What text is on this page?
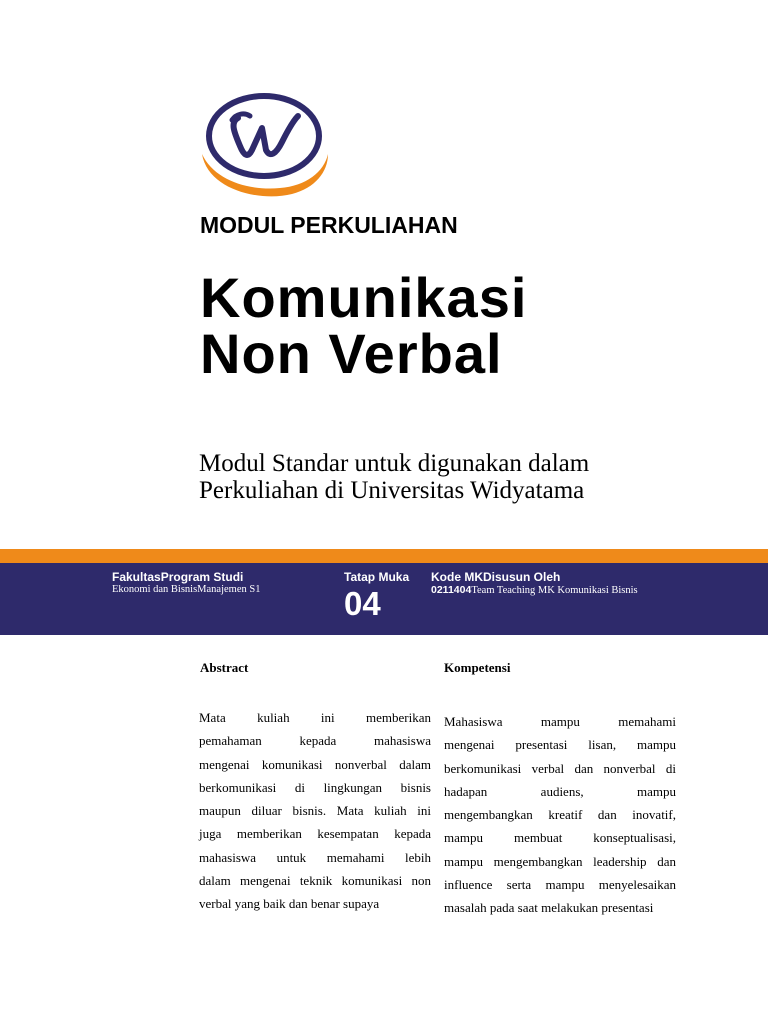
MODUL PERKULIAHAN
Komunikasi
Non Verbal
Modul Standar untuk digunakan dalam Perkuliahan di Universitas Widyatama
FakultasProgram Studi
Ekonomi dan BisnisManajemen S1
Tatap Muka
04
Kode MKDisusun Oleh
0211404Team Teaching MK Komunikasi Bisnis
Abstract
Mata kuliah ini memberikan
pemahaman kepada mahasiswa
mengenai komunikasi nonverbal dalam
berkomunikasi di lingkungan bisnis
maupun diluar bisnis. Mata kuliah ini
juga memberikan kesempatan kepada
mahasiswa untuk memahami lebih
dalam mengenai teknik komunikasi non
verbal yang baik dan benar supaya
Kompetensi
Mahasiswa mampu memahami
mengenai presentasi lisan, mampu
berkomunikasi verbal dan nonverbal di
hadapan audiens, mampu
mengembangkan kreatif dan inovatif,
mampu membuat konseptualisasi,
mampu mengembangkan leadership dan
influence serta mampu menyelesaikan
masalah pada saat melakukan presentasi
